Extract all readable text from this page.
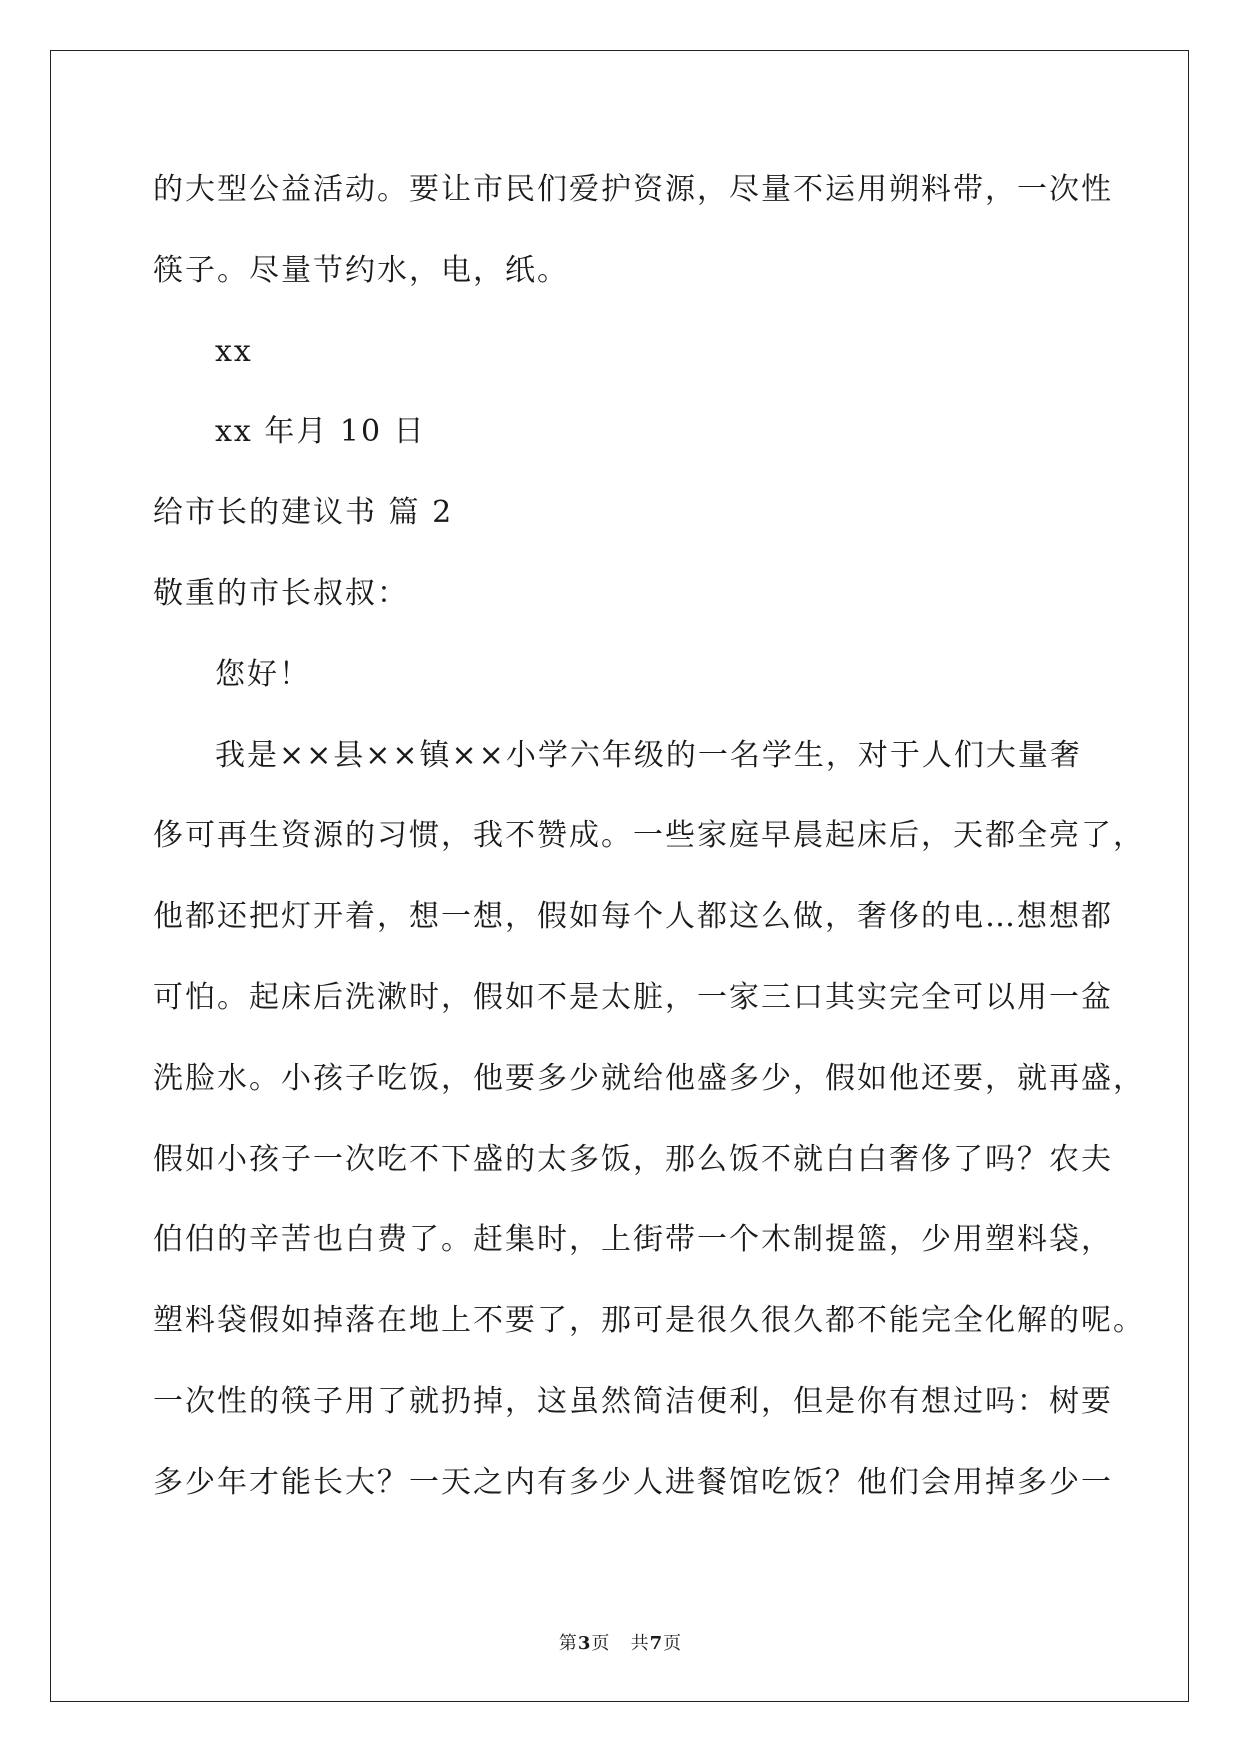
的大型公益活动。要让市民们爱护资源，尽量不运用朔料带，一次性
筷子。尽量节约水，电，纸。
xx
xx 年月 10 日
给市长的建议书 篇 2
敬重的市长叔叔：
您好！
我是××县××镇××小学六年级的一名学生，对于人们大量奢
侈可再生资源的习惯，我不赞成。一些家庭早晨起床后，天都全亮了，
他都还把灯开着，想一想，假如每个人都这么做，奢侈的电…想想都
可怕。起床后洗漱时，假如不是太脏，一家三口其实完全可以用一盆
洗脸水。小孩子吃饭，他要多少就给他盛多少，假如他还要，就再盛，
假如小孩子一次吃不下盛的太多饭，那么饭不就白白奢侈了吗？农夫
伯伯的辛苦也白费了。赶集时，上街带一个木制提篮，少用塑料袋，
塑料袋假如掉落在地上不要了，那可是很久很久都不能完全化解的呢。
一次性的筷子用了就扔掉，这虽然简洁便利，但是你有想过吗：树要
多少年才能长大？一天之内有多少人进餐馆吃饭？他们会用掉多少一
第3页 共7页
